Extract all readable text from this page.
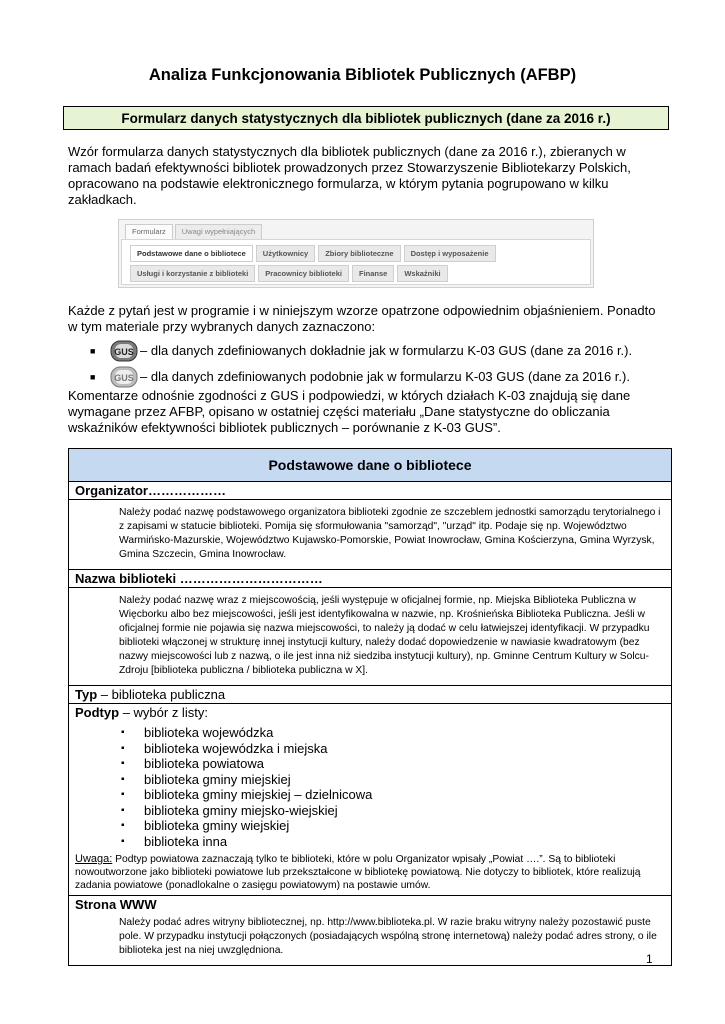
Analiza Funkcjonowania Bibliotek Publicznych (AFBP)
Formularz danych statystycznych dla bibliotek publicznych (dane za 2016 r.)
Wzór formularza danych statystycznych dla bibliotek publicznych (dane za 2016 r.), zbieranych w ramach badań efektywności bibliotek prowadzonych przez Stowarzyszenie Bibliotekarzy Polskich, opracowano na podstawie elektronicznego formularza, w którym pytania pogrupowano w kilku zakładkach.
Formularz	Uwagi wypełniających
Podstawowe dane o bibliotece	Użytkownicy	Zbiory biblioteczne	Dostęp i wyposażenie
Usługi i korzystanie z biblioteki	Pracownicy biblioteki	Finanse	Wskaźniki
Każde z pytań jest w programie i w niniejszym wzorze opatrzone odpowiednim objaśnieniem. Ponadto w tym materiale przy wybranych danych zaznaczono:
■	GUS – dla danych zdefiniowanych dokładnie jak w formularzu K-03 GUS (dane za 2016 r.).
■	GUS – dla danych zdefiniowanych podobnie jak w formularzu K-03 GUS (dane za 2016 r.).
Komentarze odnośnie zgodności z GUS i podpowiedzi, w których działach K-03 znajdują się dane wymagane przez AFBP, opisano w ostatniej części materiału „Dane statystyczne do obliczania wskaźników efektywności bibliotek publicznych – porównanie z K-03 GUS”.
Podstawowe dane o bibliotece

Organizator………………

Należy podać nazwę podstawowego organizatora biblioteki zgodnie ze szczeblem jednostki samorządu terytorialnego i z zapisami w statucie biblioteki. Pomija się sformułowania "samorząd", "urząd" itp. Podaje się np. Województwo Warmińsko-Mazurskie, Województwo Kujawsko-Pomorskie, Powiat Inowrocław, Gmina Kościerzyna, Gmina Wyrzysk, Gmina Szczecin, Gmina Inowrocław.

Nazwa biblioteki ……………………………

Należy podać nazwę wraz z miejscowością, jeśli występuje w oficjalnej formie, np. Miejska Biblioteka Publiczna w Więcborku albo bez miejscowości, jeśli jest identyfikowalna w nazwie, np. Krośnieńska Biblioteka Publiczna. Jeśli w oficjalnej formie nie pojawia się nazwa miejscowości, to należy ją dodać w celu łatwiejszej identyfikacji. W przypadku biblioteki włączonej w strukturę innej instytucji kultury, należy dodać dopowiedzenie w nawiasie kwadratowym (bez nazwy miejscowości lub z nazwą, o ile jest inna niż siedziba instytucji kultury), np. Gminne Centrum Kultury w Solcu-Zdroju [biblioteka publiczna / biblioteka publiczna w X].

Typ – biblioteka publiczna

Podtyp – wybór z listy:
▪ biblioteka wojewódzka
▪ biblioteka wojewódzka i miejska
▪ biblioteka powiatowa
▪ biblioteka gminy miejskiej
▪ biblioteka gminy miejskiej – dzielnicowa
▪ biblioteka gminy miejsko-wiejskiej
▪ biblioteka gminy wiejskiej
▪ biblioteka inna
Uwaga: Podtyp powiatowa zaznaczają tylko te biblioteki, które w polu Organizator wpisały „Powiat ….”. Są to biblioteki nowoutworzone jako biblioteki powiatowe lub przekształcone w bibliotekę powiatową. Nie dotyczy to bibliotek, które realizują zadania powiatowe (ponadlokalne o zasięgu powiatowym) na postawie umów.

Strona WWW
Należy podać adres witryny bibliotecznej, np. http://www.biblioteka.pl. W razie braku witryny należy pozostawić puste pole. W przypadku instytucji połączonych (posiadających wspólną stronę internetową) należy podać adres strony, o ile biblioteka jest na niej uwzględniona.
1
